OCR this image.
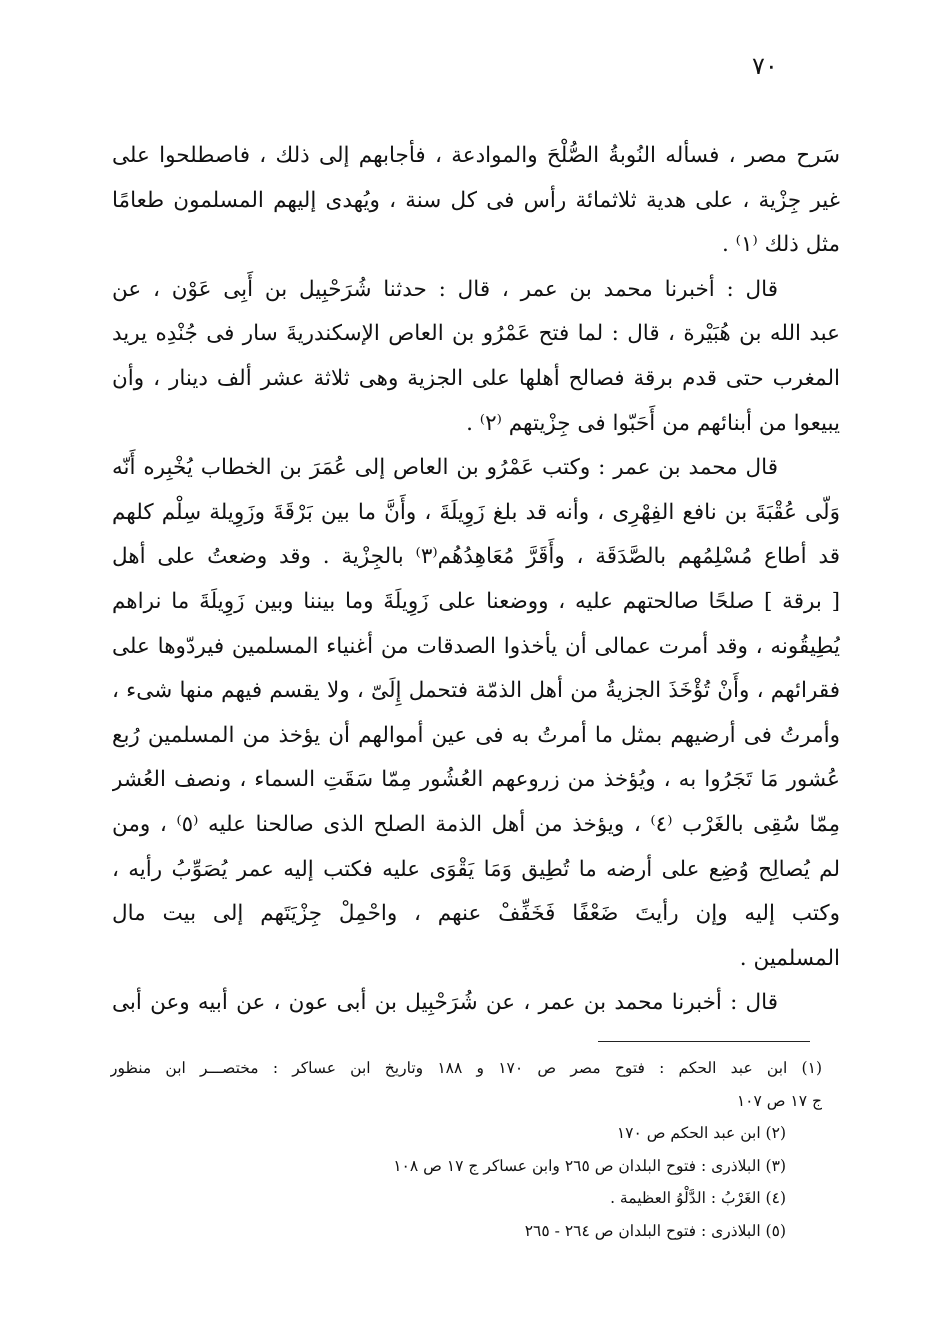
٧٠
سَرح مصر ، فسأله النُوبةُ الصُّلْحَ والموادعة ، فأجابهم إلى ذلك ، فاصطلحوا على
غير جِزْية ، على هدية ثلاثمائة رأس فى كل سنة ، ويُهدى إليهم المسلمون طعامًا
مثل ذلك ⁽١⁾ .
قال : أخبرنا محمد بن عمر ، قال : حدثنا شُرَحْبِيل بن أَبِى عَوْن ، عن
عبد الله بن هُبَيْرة ، قال : لما فتح عَمْرُو بن العاص الإسكندريةَ سار فى جُنْدِه يريد
المغرب حتى قدم برقة فصالح أهلها على الجزية وهى ثلاثة عشر ألف دينار ، وأن
يبيعوا من أبنائهم من أَحَبّوا فى جِزْيتهم ⁽٢⁾ .
قال محمد بن عمر : وكتب عَمْرُو بن العاص إلى عُمَرَ بن الخطاب يُخْبِره أَنّه
وَلّى عُقْبَةَ بن نافع الفِهْرِى ، وأنه قد بلغ زَوِيلَةَ ، وأَنَّ ما بين بَرْقَةَ وزَوِيلة سِلْم كلهم
قد أطاع مُسْلِمُهم بالصَّدَقَة ، وأَقَرَّ مُعَاهِدُهُم⁽٣⁾ بالجِزْية . وقد وضعتُ على أهل
[ برقة ] صلحًا صالحتهم عليه ، ووضعنا على زَوِيلَةَ وما بيننا وبين زَوِيلَةَ ما نراهم
يُطِيقُونه ، وقد أمرت عمالى أن يأخذوا الصدقات من أغنياء المسلمين فيردّوها على
فقرائهم ، وأَنْ تُؤْخَذَ الجزيةُ من أهل الذمّة فتحمل إِلَىّ ، ولا يقسم فيهم منها شىء ،
وأمرتُ فى أرضيهم بمثل ما أمرتُ به فى عين أموالهم أن يؤخذ من المسلمين رُبع
عُشور مَا تَجَرُوا به ، ويُؤخذ من زروعهم العُشُور مِمّا سَقَتِ السماء ، ونصف العُشر
مِمّا سُقِى بالغَرْب ⁽٤⁾ ، ويؤخذ من أهل الذمة الصلح الذى صالحنا عليه ⁽٥⁾ ، ومن
لم يُصالِح وُضِع على أرضه ما تُطِيق وَمَا يَقْوَى عليه فكتب إليه عمر يُصَوِّبُ رأيه ،
وكتب إليه وإن رأيتَ ضَعْفًا فَخَفِّفْ عنهم ، واحْمِلْ جِزْيَتَهم إلى بيت مال
المسلمين .
قال : أخبرنا محمد بن عمر ، عن شُرَحْبِيل بن أبى عون ، عن أبيه وعن أبى
(١) ابن عبد الحكم : فتوح مصر ص ١٧٠ و ١٨٨ وتاريخ ابن عساكر : مختصـــر ابن منظور
ج ١٧ ص ١٠٧
(٢) ابن عبد الحكم ص ١٧٠
(٣) البلاذرى : فتوح البلدان ص ٢٦٥ وابن عساكر ج ١٧ ص ١٠٨
(٤) الغَرْبُ : الدَّلْوُ العظيمة .
(٥) البلاذرى : فتوح البلدان ص ٢٦٤ - ٢٦٥
